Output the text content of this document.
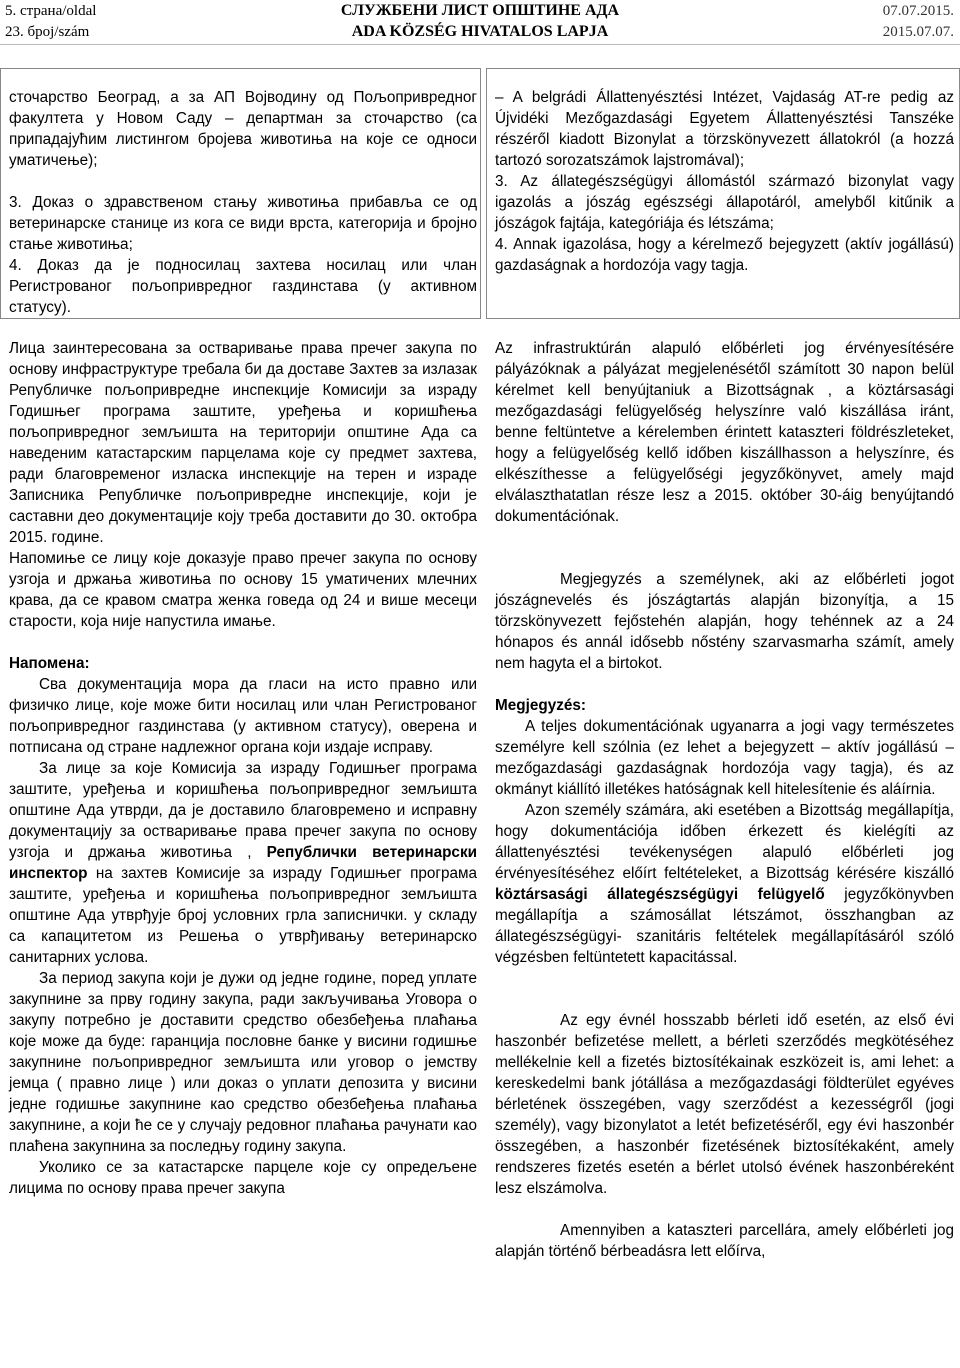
5. страна/oldal
23. број/szám
СЛУЖБЕНИ ЛИСТ ОПШТИНЕ АДА
ADA KÖZSÉG HIVATALOS LAPJA
07.07.2015.
2015.07.07.

сточарство Београд, а за АП Војводину од Пољопривредног факултета у Новом Саду – департман за сточарство (са припадајућим листингом бројева животиња на које се односи уматичење);

3. Доказ о здравственом стању животиња прибавља се од ветеринарске станице из кога се види врста, категорија и бројно стање животиња;

4. Доказ да је подносилац захтева носилац или члан Регистрованог пољопривредног газдинстава (у активном статусу).

Лица заинтересована за остваривање права пречег закупа по основу инфраструктуре требала би да доставе Захтев за излазак Републичке пољопривредне инспекције Комисији за израду Годишњег програма заштите, уређења и коришћења пољопривредног земљишта на територији општине Ада са наведеним катастарским парцелама које су предмет захтева, ради благовременог изласка инспекције на терен и израде Записника Републичке пољопривредне инспекције, који је саставни део документације коју треба доставити до 30. октобра 2015. године.

Напомиње се лицу које доказује право пречег закупа по основу узгоја и држања животиња по основу 15 уматичених млечних крава, да се кравом сматра женка говеда од 24 и више месеци старости, која није напустила имање.

Напомена:

Сва документација мора да гласи на исто правно или физичко лице, које може бити носилац или члан Регистрованог пољопривредног газдинстава (у активном статусу), оверена и потписана од стране надлежног органа који издаје исправу.

За лице за које Комисија за израду Годишњег програма заштите, уређења и коришћења пољопривредног земљишта општине Ада утврди, да је доставило благовремено и исправну документацију за остваривање права пречег закупа по основу узгоја и држања животиња , Републички ветеринарски инспектор на захтев Комисије за израду Годишњег програма заштите, уређења и коришћења пољопривредног земљишта општине Ада утврђује број условних грла записнички. у складу са капацитетом из Решења о утврђивању ветеринарско санитарних услова.

За период закупа који је дужи од једне године, поред уплате закупнине за прву годину закупа, ради закључивања Уговора о закупу потребно је доставити средство обезбеђења плаћања које може да буде: гаранција пословне банке у висини годишње закупнине пољопривредног земљишта или уговор о јемству јемца ( правно лице ) или доказ о уплати депозита у висини једне годишње закупнине као средство обезбеђења плаћања закупнине, а који ће се у случају редовног плаћања рачунати као плаћена закупнина за последњу годину закупа.

Уколико се за катастарске парцеле које су опредељене лицима по основу права пречег закупа

– A belgrádi Állattenyésztési Intézet, Vajdaság AT-re pedig az Újvidéki Mezőgazdasági Egyetem Állattenyésztési Tanszéke részéről kiadott Bizonylat a törzskönyvezett állatokról (a hozzá tartozó sorozatszámok lajstromával);

3. Az állategészségügyi állomástól származó bizonylat vagy igazolás a jószág egészségi állapotáról, amelyből kitűnik a jószágok fajtája, kategóriája és létszáma;

4. Annak igazolása, hogy a kérelmező bejegyzett (aktív jogállású) gazdaságnak a hordozója vagy tagja.

Az infrastruktúrán alapuló előbérleti jog érvényesítésére pályázóknak a pályázat megjelenésétől számított 30 napon belül kérelmet kell benyújtaniuk a Bizottságnak , a köztársasági mezőgazdasági felügyelőség helyszínre való kiszállása iránt, benne feltüntetve a kérelemben érintett kataszteri földrészleteket, hogy a felügyelőség kellő időben kiszállhasson a helyszínre, és elkészíthesse a felügyelőségi jegyzőkönyvet, amely majd elválaszthatatlan része lesz a 2015. október 30-áig benyújtandó dokumentációnak.

Megjegyzés a személynek, aki az előbérleti jogot jószágnevelés és jószágtartás alapján bizonyítja, a 15 törzskönyvezett fejőstehén alapján, hogy tehénnek az a 24 hónapos és annál idősebb nőstény szarvasmarha számít, amely nem hagyta el a birtokot.

Megjegyzés:

A teljes dokumentációnak ugyanarra a jogi vagy természetes személyre kell szólnia (ez lehet a bejegyzett – aktív jogállású – mezőgazdasági gazdaságnak hordozója vagy tagja), és az okmányt kiállító illetékes hatóságnak kell hitelesítenie és aláírnia.

Azon személy számára, aki esetében a Bizottság megállapítja, hogy dokumentációja időben érkezett és kielégíti az állattenyésztési tevékenységen alapuló előbérleti jog érvényesítéséhez előírt feltételeket, a Bizottság kérésére kiszálló köztársasági állategészségügyi felügyelő jegyzőkönyvben megállapítja a számosállat létszámot, összhangban az állategészségügyi- szanitáris feltételek megállapításáról szóló végzésben feltüntetett kapacitással.

Az egy évnél hosszabb bérleti idő esetén, az első évi haszonbér befizetése mellett, a bérleti szerződés megkötéséhez mellékelnie kell a fizetés biztosítékainak eszközeit is, ami lehet: a kereskedelmi bank jótállása a mezőgazdasági földterület egyéves bérletének összegében, vagy szerződést a kezességről (jogi személy), vagy bizonylatot a letét befizetéséről, egy évi haszonbér összegében, a haszonbér fizetésének biztosítékaként, amely rendszeres fizetés esetén a bérlet utolsó évének haszonbéreként lesz elszámolva.

Amennyiben a kataszteri parcellára, amely előbérleti jog alapján történő bérbeadásra lett előírva,
